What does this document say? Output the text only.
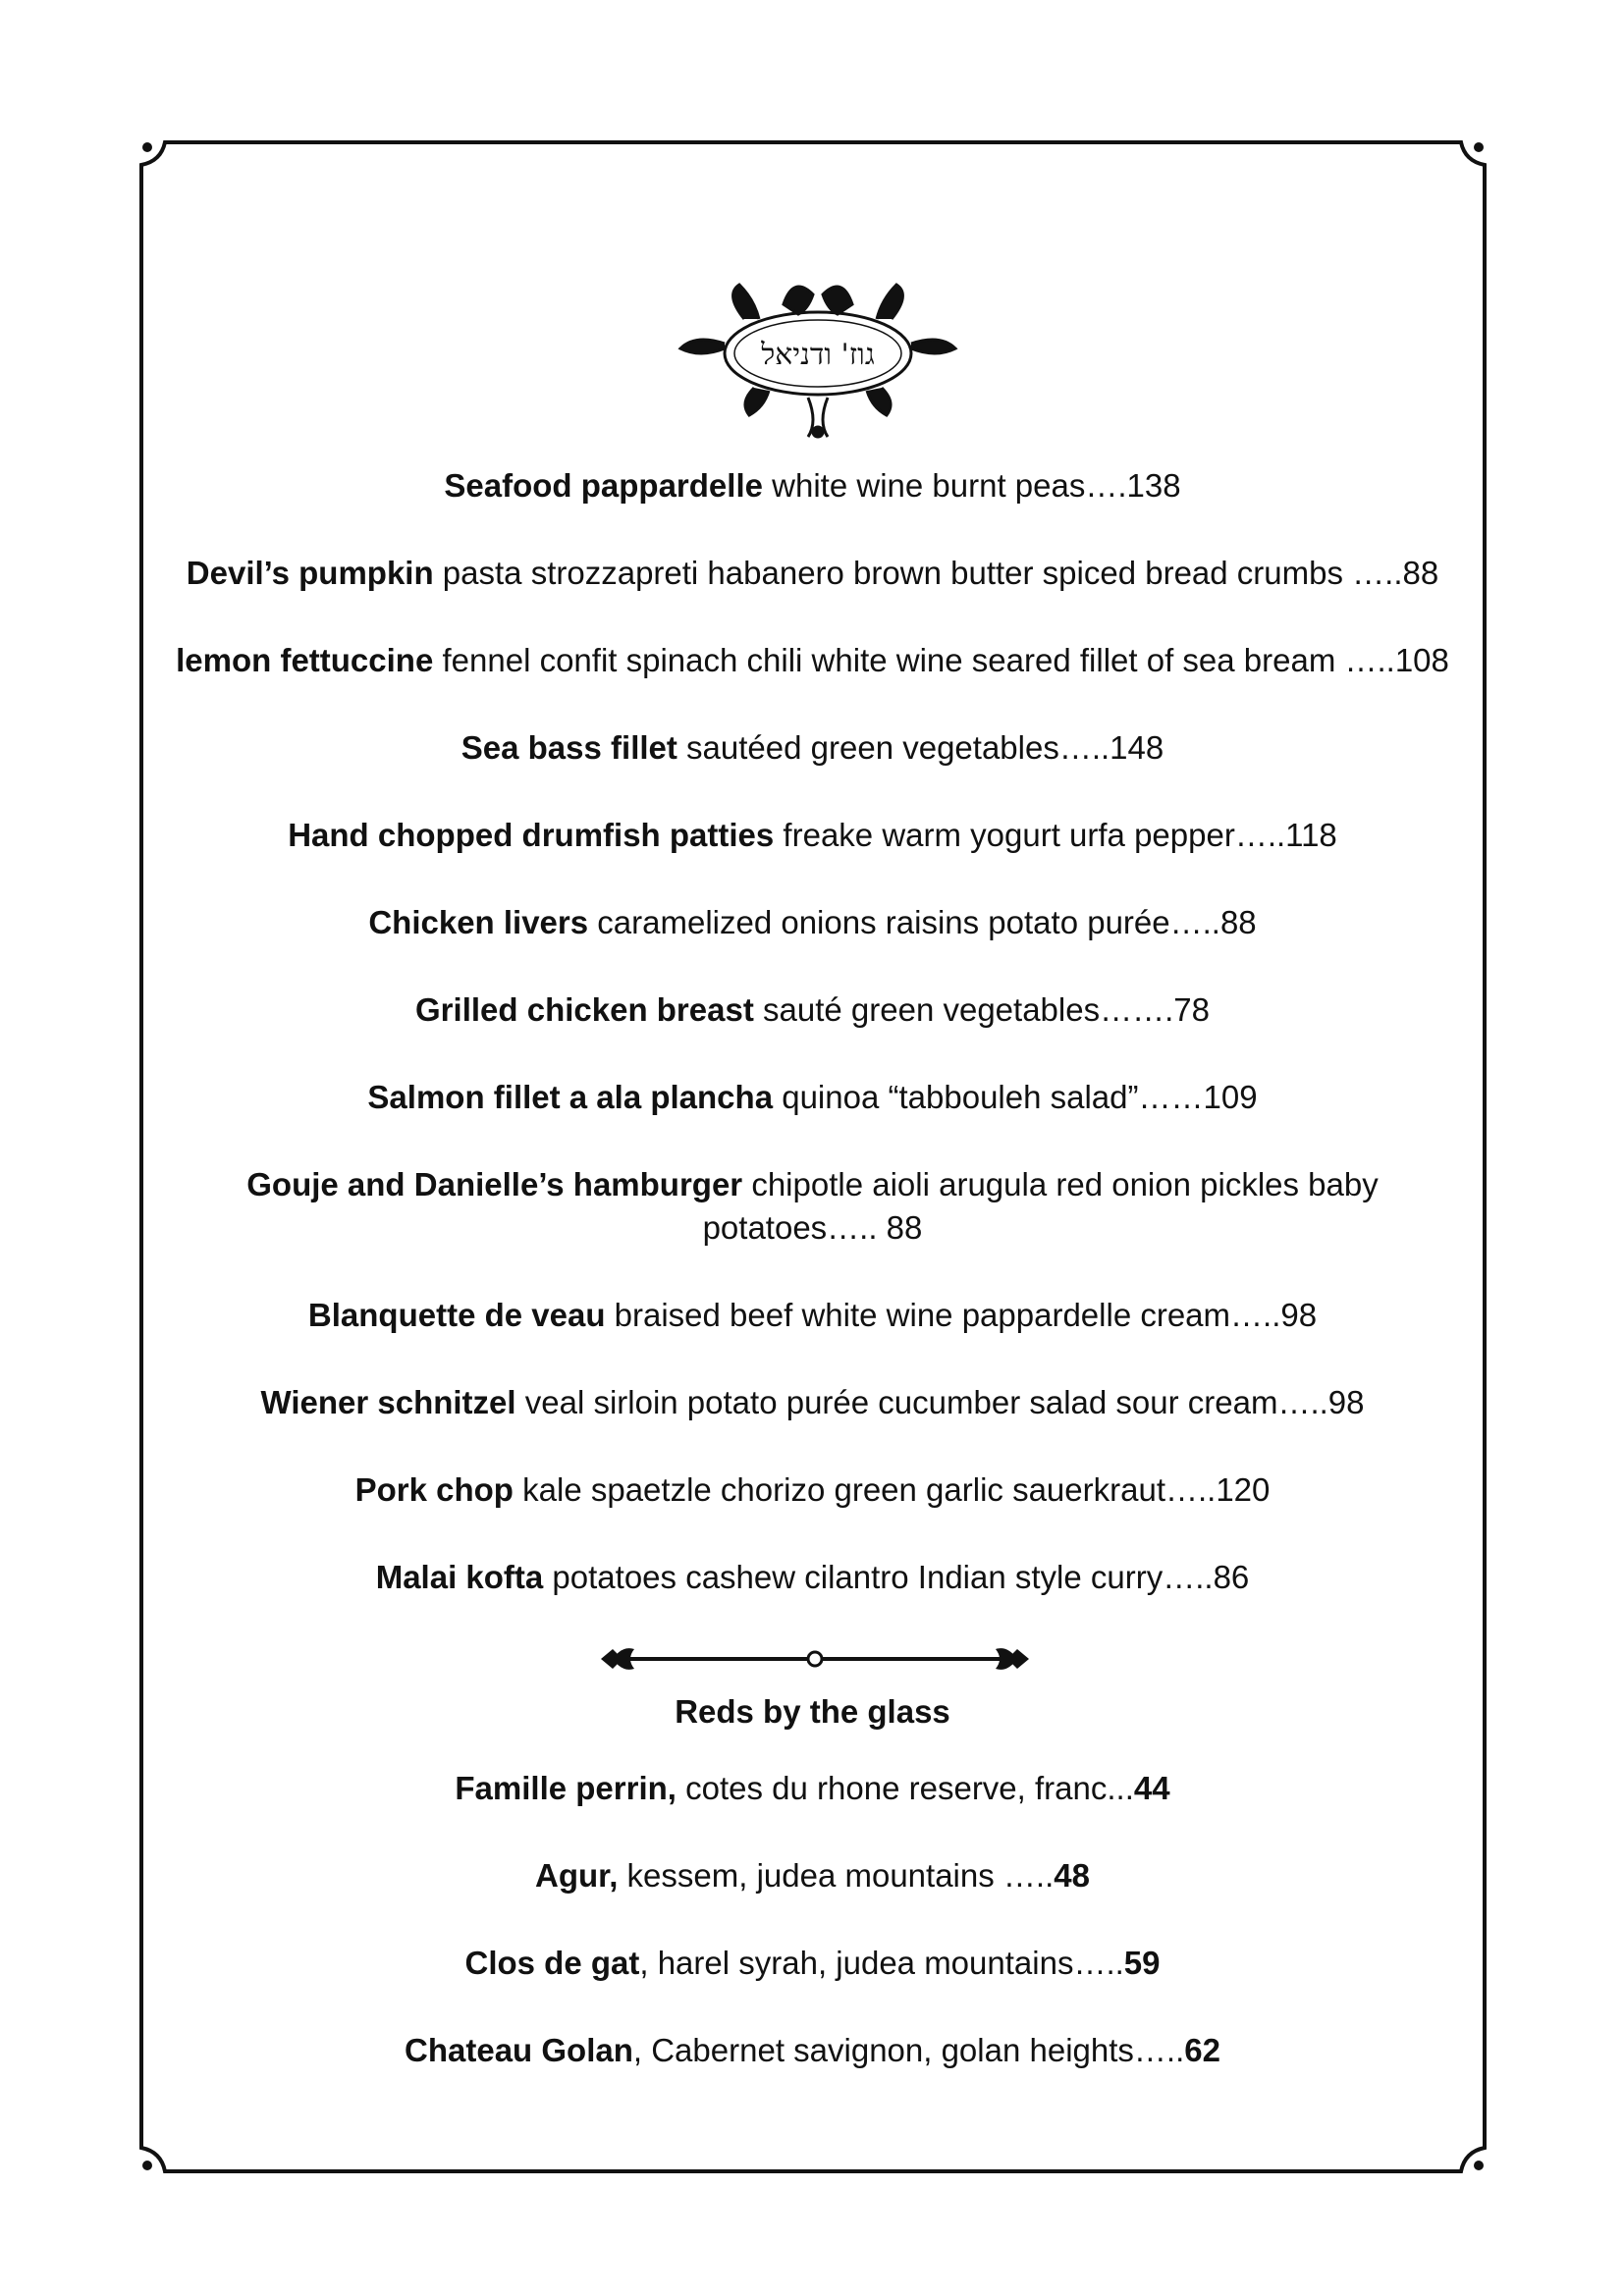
גוז' ודניאל
Seafood pappardelle white wine burnt peas….138
Devil’s pumpkin pasta strozzapreti habanero brown butter spiced bread crumbs …..88
lemon fettuccine fennel confit spinach chili white wine seared fillet of sea bream …..108
Sea bass fillet sautéed green vegetables…..148
Hand chopped drumfish patties freake warm yogurt urfa pepper…..118
Chicken livers caramelized onions raisins potato purée…..88
Grilled chicken breast sauté green vegetables…….78
Salmon fillet a ala plancha quinoa “tabbouleh salad”……109
Gouje and Danielle’s hamburger chipotle aioli arugula red onion pickles baby
potatoes….. 88
Blanquette de veau braised beef white wine pappardelle cream…..98
Wiener schnitzel veal sirloin potato purée cucumber salad sour cream…..98
Pork chop kale spaetzle chorizo green garlic sauerkraut…..120
Malai kofta potatoes cashew cilantro Indian style curry…..86
Reds by the glass
Famille perrin, cotes du rhone reserve, franc...44
Agur, kessem, judea mountains …..48
Clos de gat, harel syrah, judea mountains…..59
Chateau Golan, Cabernet savignon, golan heights…..62
